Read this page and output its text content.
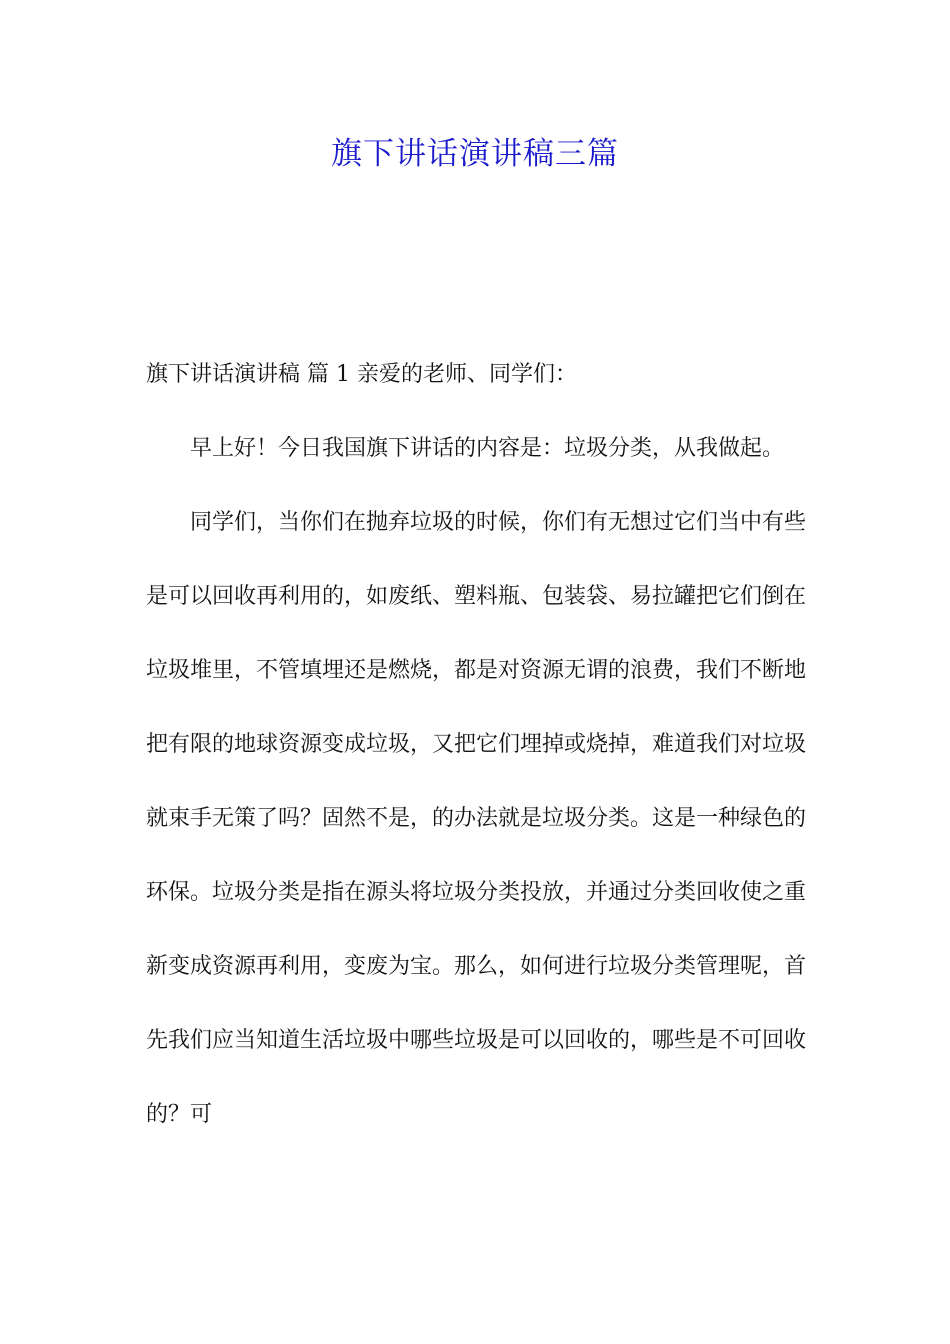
旗下讲话演讲稿三篇

旗下讲话演讲稿 篇 1 亲爱的老师、同学们：

早上好！今日我国旗下讲话的内容是：垃圾分类，从我做起。

同学们，当你们在抛弃垃圾的时候，你们有无想过它们当中有些是可以回收再利用的，如废纸、塑料瓶、包装袋、易拉罐把它们倒在垃圾堆里，不管填埋还是燃烧，都是对资源无谓的浪费，我们不断地把有限的地球资源变成垃圾，又把它们埋掉或烧掉，难道我们对垃圾就束手无策了吗？固然不是，的办法就是垃圾分类。这是一种绿色的环保。垃圾分类是指在源头将垃圾分类投放，并通过分类回收使之重新变成资源再利用，变废为宝。那么，如何进行垃圾分类管理呢，首先我们应当知道生活垃圾中哪些垃圾是可以回收的，哪些是不可回收的？可
